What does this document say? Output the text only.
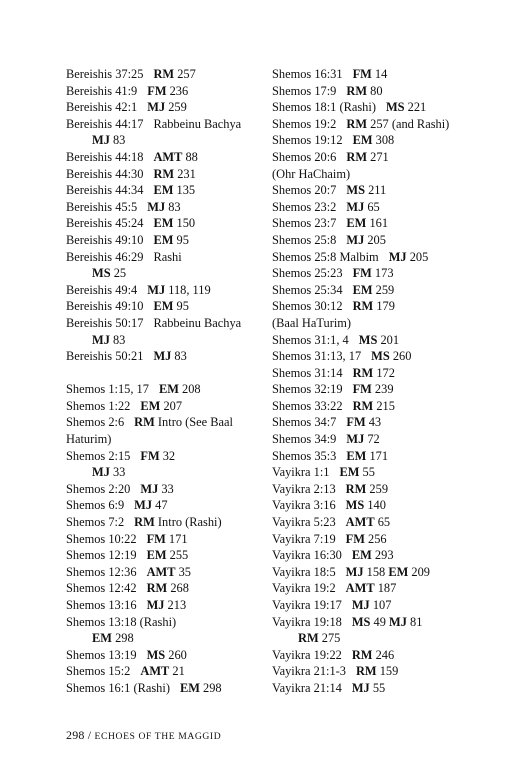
Bereishis 37:25 RM 257
Bereishis 41:9 FM 236
Bereishis 42:1 MJ 259
Bereishis 44:17 Rabbeinu Bachya
MJ 83
Bereishis 44:18 AMT 88
Bereishis 44:30 RM 231
Bereishis 44:34 EM 135
Bereishis 45:5 MJ 83
Bereishis 45:24 EM 150
Bereishis 49:10 EM 95
Bereishis 46:29 Rashi
MS 25
Bereishis 49:4 MJ 118, 119
Bereishis 49:10 EM 95
Bereishis 50:17 Rabbeinu Bachya
MJ 83
Bereishis 50:21 MJ 83
Shemos 1:15, 17 EM 208
Shemos 1:22 EM 207
Shemos 2:6 RM Intro (See Baal
Haturim)
Shemos 2:15 FM 32
MJ 33
Shemos 2:20 MJ 33
Shemos 6:9 MJ 47
Shemos 7:2 RM Intro (Rashi)
Shemos 10:22 FM 171
Shemos 12:19 EM 255
Shemos 12:36 AMT 35
Shemos 12:42 RM 268
Shemos 13:16 MJ 213
Shemos 13:18 (Rashi)
EM 298
Shemos 13:19 MS 260
Shemos 15:2 AMT 21
Shemos 16:1 (Rashi) EM 298
Shemos 16:31 FM 14
Shemos 17:9 RM 80
Shemos 18:1 (Rashi) MS 221
Shemos 19:2 RM 257 (and Rashi)
Shemos 19:12 EM 308
Shemos 20:6 RM 271
(Ohr HaChaim)
Shemos 20:7 MS 211
Shemos 23:2 MJ 65
Shemos 23:7 EM 161
Shemos 25:8 MJ 205
Shemos 25:8 Malbim MJ 205
Shemos 25:23 FM 173
Shemos 25:34 EM 259
Shemos 30:12 RM 179
(Baal HaTurim)
Shemos 31:1, 4 MS 201
Shemos 31:13, 17 MS 260
Shemos 31:14 RM 172
Shemos 32:19 FM 239
Shemos 33:22 RM 215
Shemos 34:7 FM 43
Shemos 34:9 MJ 72
Shemos 35:3 EM 171
Vayikra 1:1 EM 55
Vayikra 2:13 RM 259
Vayikra 3:16 MS 140
Vayikra 5:23 AMT 65
Vayikra 7:19 FM 256
Vayikra 16:30 EM 293
Vayikra 18:5 MJ 158 EM 209
Vayikra 19:2 AMT 187
Vayikra 19:17 MJ 107
Vayikra 19:18 MS 49 MJ 81
RM 275
Vayikra 19:22 RM 246
Vayikra 21:1-3 RM 159
Vayikra 21:14 MJ 55
298 / ECHOES OF THE MAGGID
